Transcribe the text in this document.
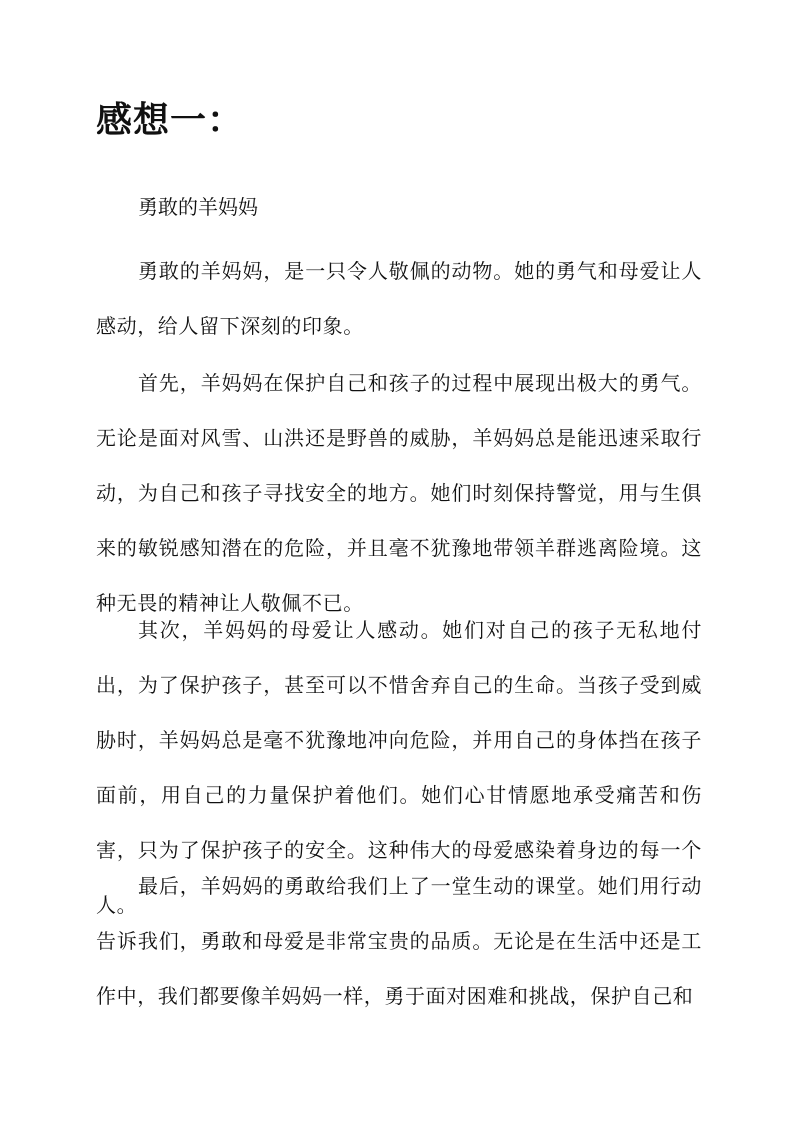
感想一：

勇敢的羊妈妈

勇敢的羊妈妈，是一只令人敬佩的动物。她的勇气和母爱让人感动，给人留下深刻的印象。

首先，羊妈妈在保护自己和孩子的过程中展现出极大的勇气。无论是面对风雪、山洪还是野兽的威胁，羊妈妈总是能迅速采取行动，为自己和孩子寻找安全的地方。她们时刻保持警觉，用与生俱来的敏锐感知潜在的危险，并且毫不犹豫地带领羊群逃离险境。这种无畏的精神让人敬佩不已。

其次，羊妈妈的母爱让人感动。她们对自己的孩子无私地付出，为了保护孩子，甚至可以不惜舍弃自己的生命。当孩子受到威胁时，羊妈妈总是毫不犹豫地冲向危险，并用自己的身体挡在孩子面前，用自己的力量保护着他们。她们心甘情愿地承受痛苦和伤害，只为了保护孩子的安全。这种伟大的母爱感染着身边的每一个人。

最后，羊妈妈的勇敢给我们上了一堂生动的课堂。她们用行动告诉我们，勇敢和母爱是非常宝贵的品质。无论是在生活中还是工作中，我们都要像羊妈妈一样，勇于面对困难和挑战，保护自己和
